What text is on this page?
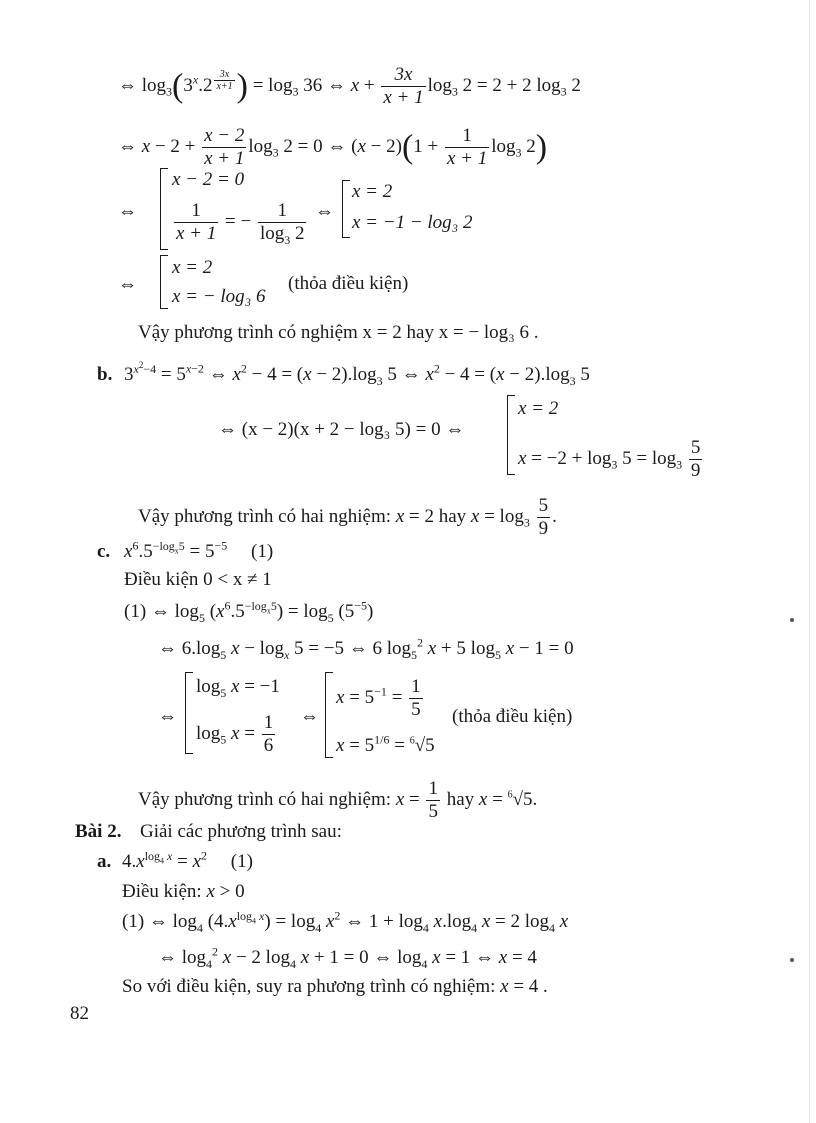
⇔ $\log_3(3^x.2$ $^{\frac{3x}{x+1}}$ ) = $\log_3 36$ ⇔ $x + \frac{3x}{x + 1} \log_3 2 = 2 + 2$ $\log_3 2$
⇔ $x - 2 + \frac{x - 2}{x + 1} \log_3 2 = 0$ ⇔ $(x - 2)(1 + \frac{1}{x + 1} \log_3 2)$
⇔
x − 2 = 0
$\frac{1}{x + 1}$ = − $\frac{1}{\log_3 2}$ ⇔
x = 2
x = −1 − log₃ 2
⇔
x = 2
x = − log₃ 6
(thỏa điều kiện)
Vậy phương trình có nghiệm x = 2 hay x = − log₃ 6 .
b. $3^{x^2-4} = 5^{x-2}$ ⇔ $x^2 - 4 = (x - 2).\log_3$ 5 ⇔ $x^2 - 4 = (x - 2).\log_3$ 5
⇔ (x − 2)(x + 2 − log₃ 5) = 0 ⇔
x = 2
$x = -2 + \log_3 5 = \log_3 \frac{5}{9}$
Vậy phương trình có hai nghiệm: x = 2 hay $x = \log_3 \frac{5}{9}$ .
c. $x^6.5^{-log_x5} = 5^{-5}$     (1)
Điều kiện 0 < x ≠ 1
(1) ⇔ $\log_5 (x^6.5^{-log_x5}) = \log_5 (5^{-5})$
⇔ $6.\log_5$ $x - \log_x 5 = -5$ ⇔ 6 $\log_5^2 x + 5$ $\log_5 x - 1 = 0$
⇔
$\log_5 x = -1$
$\log_5 x = \frac{1}{6}$ ⇔
$x = 5^{-1} = \frac{1}{5}$
$x = 5^{1/6} = ^6√5$
(thỏa điều kiện)
Vậy phương trình có hai nghiệm: $x = \frac{1}{5}$ hay x = $^6$√5.
Bài 2. Giải các phương trình sau:
a. $4.x^{log_4 x} = x^2$     (1)
Điều kiện: x > 0
(1) ⇔ $\log_4 (4.x^{log_4 x}) = \log_4 x^2$ ⇔ $1 + \log_4 x.\log_4$ x = 2 $\log_4 x$
⇔ $\log_4^2 x - 2$ $\log_4 x + 1 = 0$ ⇔ $\log_4 x = 1$ ⇔ x = 4
So với điều kiện, suy ra phương trình có nghiệm: x = 4 .
82
